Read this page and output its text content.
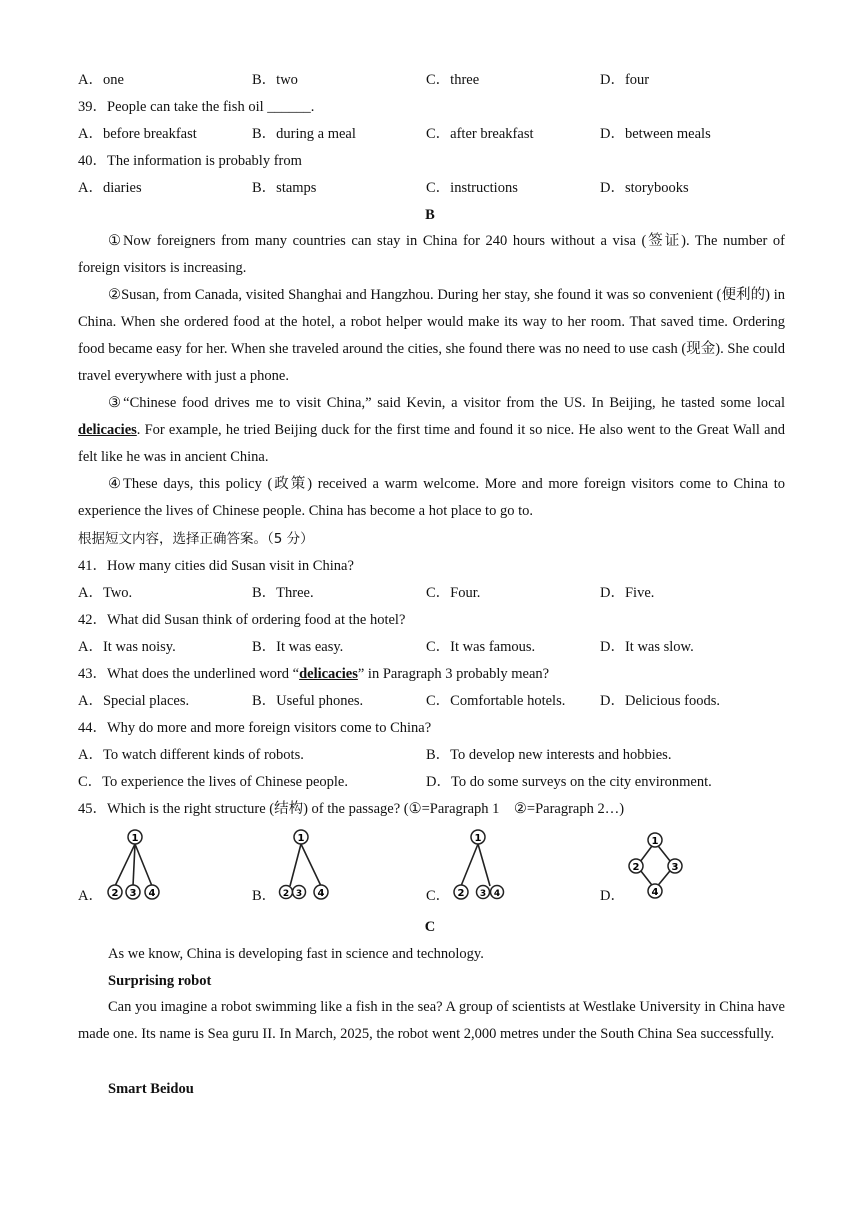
A．one	B．two	C．three	D．four
39．People can take the fish oil ______.
A．before breakfast	B．during a meal	C．after breakfast	D．between meals
40．The information is probably from
A．diaries	B．stamps	C．instructions	D．storybooks
B
①Now foreigners from many countries can stay in China for 240 hours without a visa (签证). The number of foreign visitors is increasing.
②Susan, from Canada, visited Shanghai and Hangzhou. During her stay, she found it was so convenient (便利的) in China. When she ordered food at the hotel, a robot helper would make its way to her room. That saved time. Ordering food became easy for her. When she traveled around the cities, she found there was no need to use cash (现金). She could travel everywhere with just a phone.
③“Chinese food drives me to visit China,” said Kevin, a visitor from the US. In Beijing, he tasted some local delicacies. For example, he tried Beijing duck for the first time and found it so nice. He also went to the Great Wall and felt like he was in ancient China.
④These days, this policy (政策) received a warm welcome. More and more foreign visitors come to China to experience the lives of Chinese people. China has become a hot place to go to.
根据短文内容，选择正确答案。（5 分）
41．How many cities did Susan visit in China?
A．Two.	B．Three.	C．Four.	D．Five.
42．What did Susan think of ordering food at the hotel?
A．It was noisy.	B．It was easy.	C．It was famous.	D．It was slow.
43．What does the underlined word “delicacies” in Paragraph 3 probably mean?
A．Special places.	B．Useful phones.	C．Comfortable hotels. D．Delicious foods.
44．Why do more and more foreign visitors come to China?
A．To watch different kinds of robots.	B．To develop new interests and hobbies.
C．To experience the lives of Chinese people.	D．To do some surveys on the city environment.
45．Which is the right structure (结构) of the passage? (①=Paragraph 1　②=Paragraph 2…)
A．	B．	C．	D．
1
2 3 4
1
2 3 4
1
2 3 4
1
2	3
4
C
As we know, China is developing fast in science and technology.
Surprising robot
Can you imagine a robot swimming like a fish in the sea? A group of scientists at Westlake University in China have made one. Its name is Sea guru II. In March, 2025, the robot went 2,000 metres under the South China Sea successfully.
Smart Beidou
